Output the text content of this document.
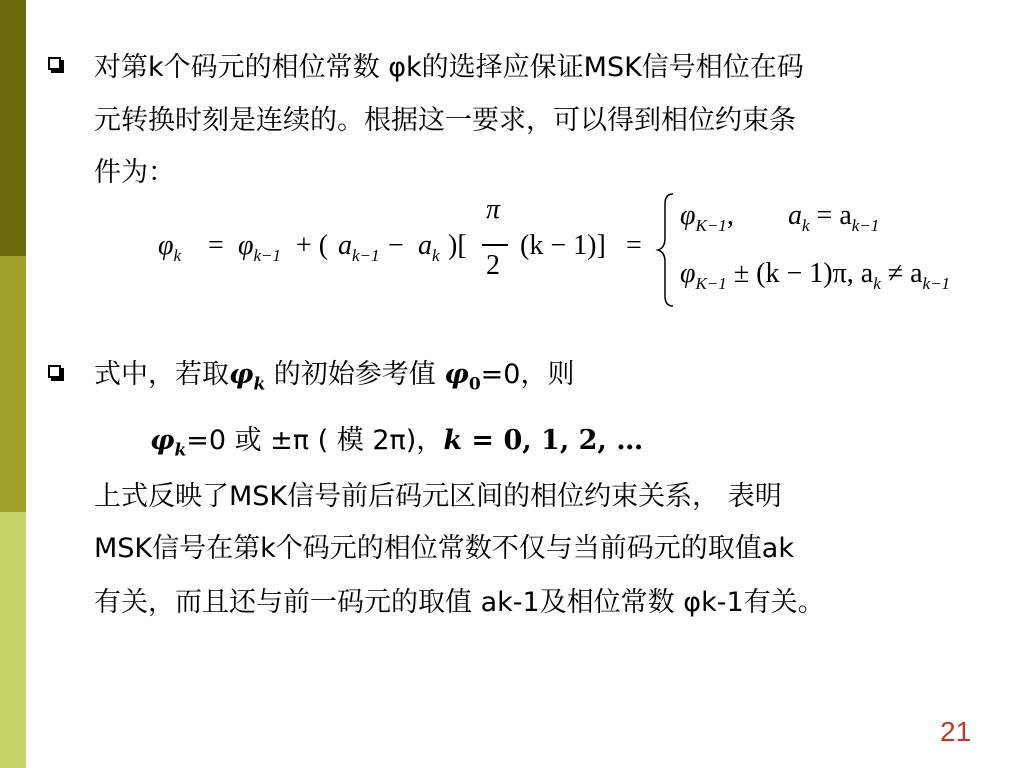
对第k个码元的相位常数 φk的选择应保证MSK信号相位在码
元转换时刻是连续的。根据这一要求，可以得到相位约束条
件为：
$\varphi_k = \varphi_{k-1}$ + ( $a_{k-1} - a_k$ )[
π
2
(k − 1)] =
$\varphi_{K-1}$, $a_k = a_{k-1}$
$\varphi_{K-1} \pm (k - 1)\pi$, $a_k \ne a_{k-1}$
式中，若取$\varphi_k$ 的初始参考值 $\varphi_0=0$，则
$\varphi_k=0$ 或 ±π ( 模 2π)，k = 0, 1, 2, …
上式反映了MSK信号前后码元区间的相位约束关系， 表明
MSK信号在第k个码元的相位常数不仅与当前码元的取值ak
有关，而且还与前一码元的取值 ak-1及相位常数 φk-1有关。
21
